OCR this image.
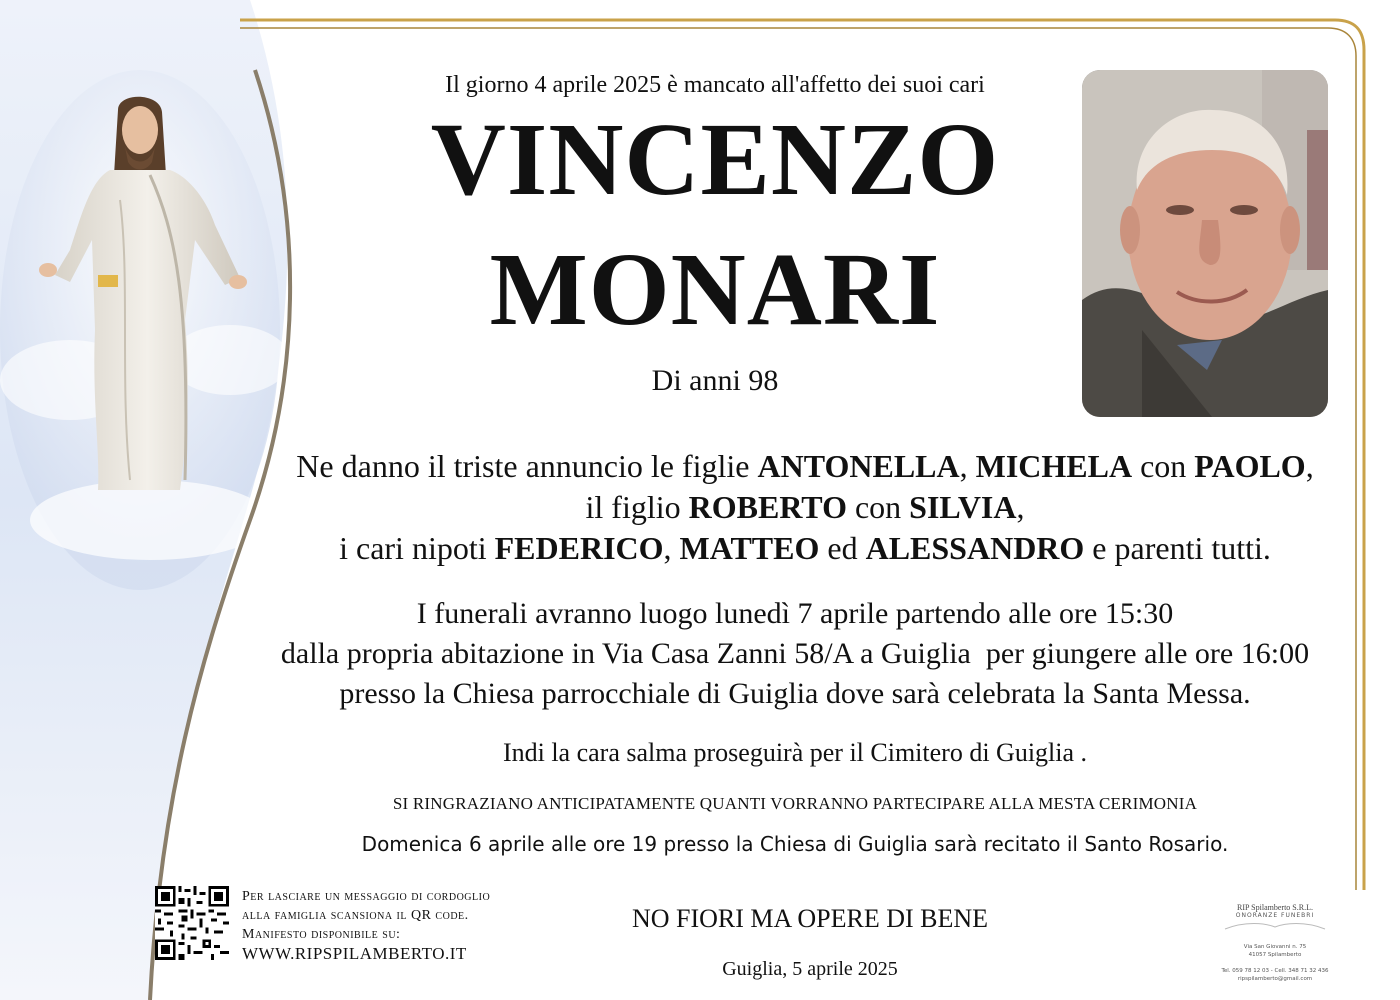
Il giorno 4 aprile 2025 è mancato all'affetto dei suoi cari
VINCENZO
MONARI
Di anni 98
Ne danno il triste annuncio le figlie ANTONELLA, MICHELA con PAOLO,
il figlio ROBERTO con SILVIA,
i cari nipoti FEDERICO, MATTEO ed ALESSANDRO e parenti tutti.
I funerali avranno luogo lunedì 7 aprile partendo alle ore 15:30
dalla propria abitazione in Via Casa Zanni 58/A a Guiglia  per giungere alle ore 16:00
presso la Chiesa parrocchiale di Guiglia dove sarà celebrata la Santa Messa.
Indi la cara salma proseguirà per il Cimitero di Guiglia .
SI RINGRAZIANO ANTICIPATAMENTE QUANTI VORRANNO PARTECIPARE ALLA MESTA CERIMONIA
Domenica 6 aprile alle ore 19 presso la Chiesa di Guiglia sarà recitato il Santo Rosario.
Per lasciare un messaggio di cordoglio
alla famiglia scansiona il QR code.
Manifesto disponibile su:
WWW.RIPSPILAMBERTO.IT
NO FIORI MA OPERE DI BENE
Guiglia, 5 aprile 2025
RIP Spilamberto S.R.L.
ONORANZE FUNEBRI
Via San Giovanni n. 75
41057 Spilamberto
Tel. 059 78 12 03 - Cell. 348 71 32 436
ripspilamberto@gmail.com
